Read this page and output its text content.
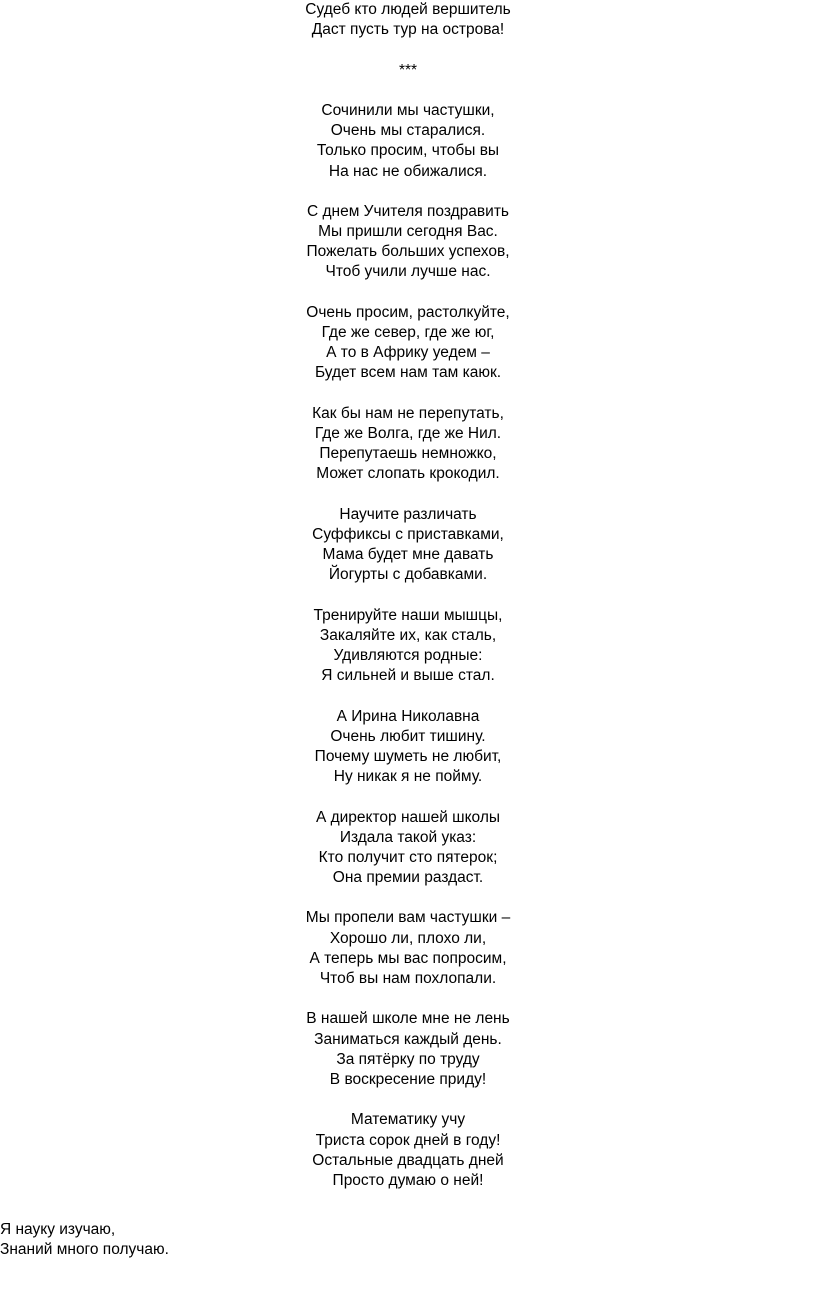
Судеб кто людей вершитель
Даст пусть тур на острова!
***
Сочинили мы частушки,
Очень мы старалися.
Только просим, чтобы вы
На нас не обижалися.
С днем Учителя поздравить
Мы пришли сегодня Вас.
Пожелать больших успехов,
Чтоб учили лучше нас.
Очень просим, растолкуйте,
Где же север, где же юг,
А то в Африку уедем –
Будет всем нам там каюк.
Как бы нам не перепутать,
Где же Волга, где же Нил.
Перепутаешь немножко,
Может слопать крокодил.
Научите различать
Суффиксы с приставками,
Мама будет мне давать
Йогурты с добавками.
Тренируйте наши мышцы,
Закаляйте их, как сталь,
Удивляются родные:
Я сильней и выше стал.
А Ирина Николавна
Очень любит тишину.
Почему шуметь не любит,
Ну никак я не пойму.
А директор нашей школы
Издала такой указ:
Кто получит сто пятерок;
Она премии раздаст.
Мы пропели вам частушки –
Хорошо ли, плохо ли,
А теперь мы вас попросим,
Чтоб вы нам похлопали.
В нашей школе мне не лень
Заниматься каждый день.
За пятёрку по труду
В воскресение приду!
Математику учу
Триста сорок дней в году!
Остальные двадцать дней
Просто думаю о ней!
Я науку изучаю,
Знаний много получаю.
